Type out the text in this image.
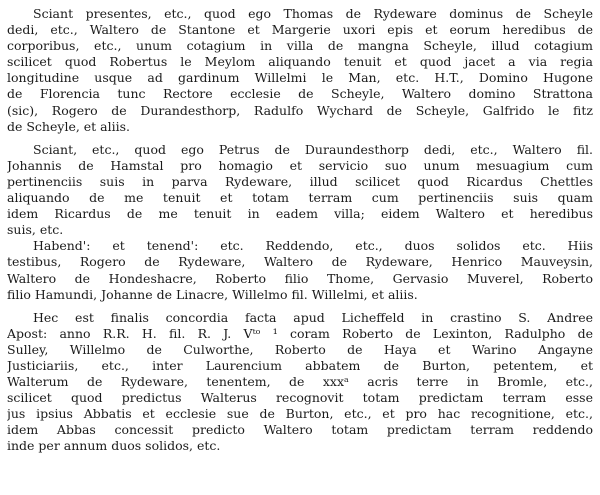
Sciant presentes, etc., quod ego Thomas de Rydeware dominus de Scheyle
dedi, etc., Waltero de Stantone et Margerie uxori epis et eorum heredibus de
corporibus, etc., unum cotagium in villa de mangna Scheyle, illud cotagium
scilicet quod Robertus le Meylom aliquando tenuit et quod jacet a via regia
longitudine usque ad gardinum Willelmi le Man, etc. H.T., Domino Hugone
de Florencia tunc Rectore ecclesie de Scheyle, Waltero domino Strattona
(sic), Rogero de Durandesthorp, Radulfo Wychard de Scheyle, Galfrido le fitz
de Scheyle, et aliis.
Sciant, etc., quod ego Petrus de Duraundesthorp dedi, etc., Waltero fil.
Johannis de Hamstal pro homagio et servicio suo unum mesuagium cum
pertinenciis suis in parva Rydeware, illud scilicet quod Ricardus Chettles
aliquando de me tenuit et totam terram cum pertinenciis suis quam
idem Ricardus de me tenuit in eadem villa; eidem Waltero et heredibus
suis, etc.
Habend': et tenend': etc. Reddendo, etc., duos solidos etc. Hiis
testibus, Rogero de Rydeware, Waltero de Rydeware, Henrico Mauveysin,
Waltero de Hondeshacre, Roberto filio Thome, Gervasio Muverel, Roberto
filio Hamundi, Johanne de Linacre, Willelmo fil. Willelmi, et aliis.
Hec est finalis concordia facta apud Licheffeld in crastino S. Andree
Apost: anno R.R. H. fil. R. J. Vᵗᵒ ¹ coram Roberto de Lexinton, Radulpho de
Sulley, Willelmo de Culworthe, Roberto de Haya et Warino Angayne
Justiciariis, etc., inter Laurencium abbatem de Burton, petentem, et
Walterum de Rydeware, tenentem, de xxxᵃ acris terre in Bromle, etc.,
scilicet quod predictus Walterus recognovit totam predictam terram esse
jus ipsius Abbatis et ecclesie sue de Burton, etc., et pro hac recognitione, etc.,
idem Abbas concessit predicto Waltero totam predictam terram reddendo
inde per annum duos solidos, etc.
